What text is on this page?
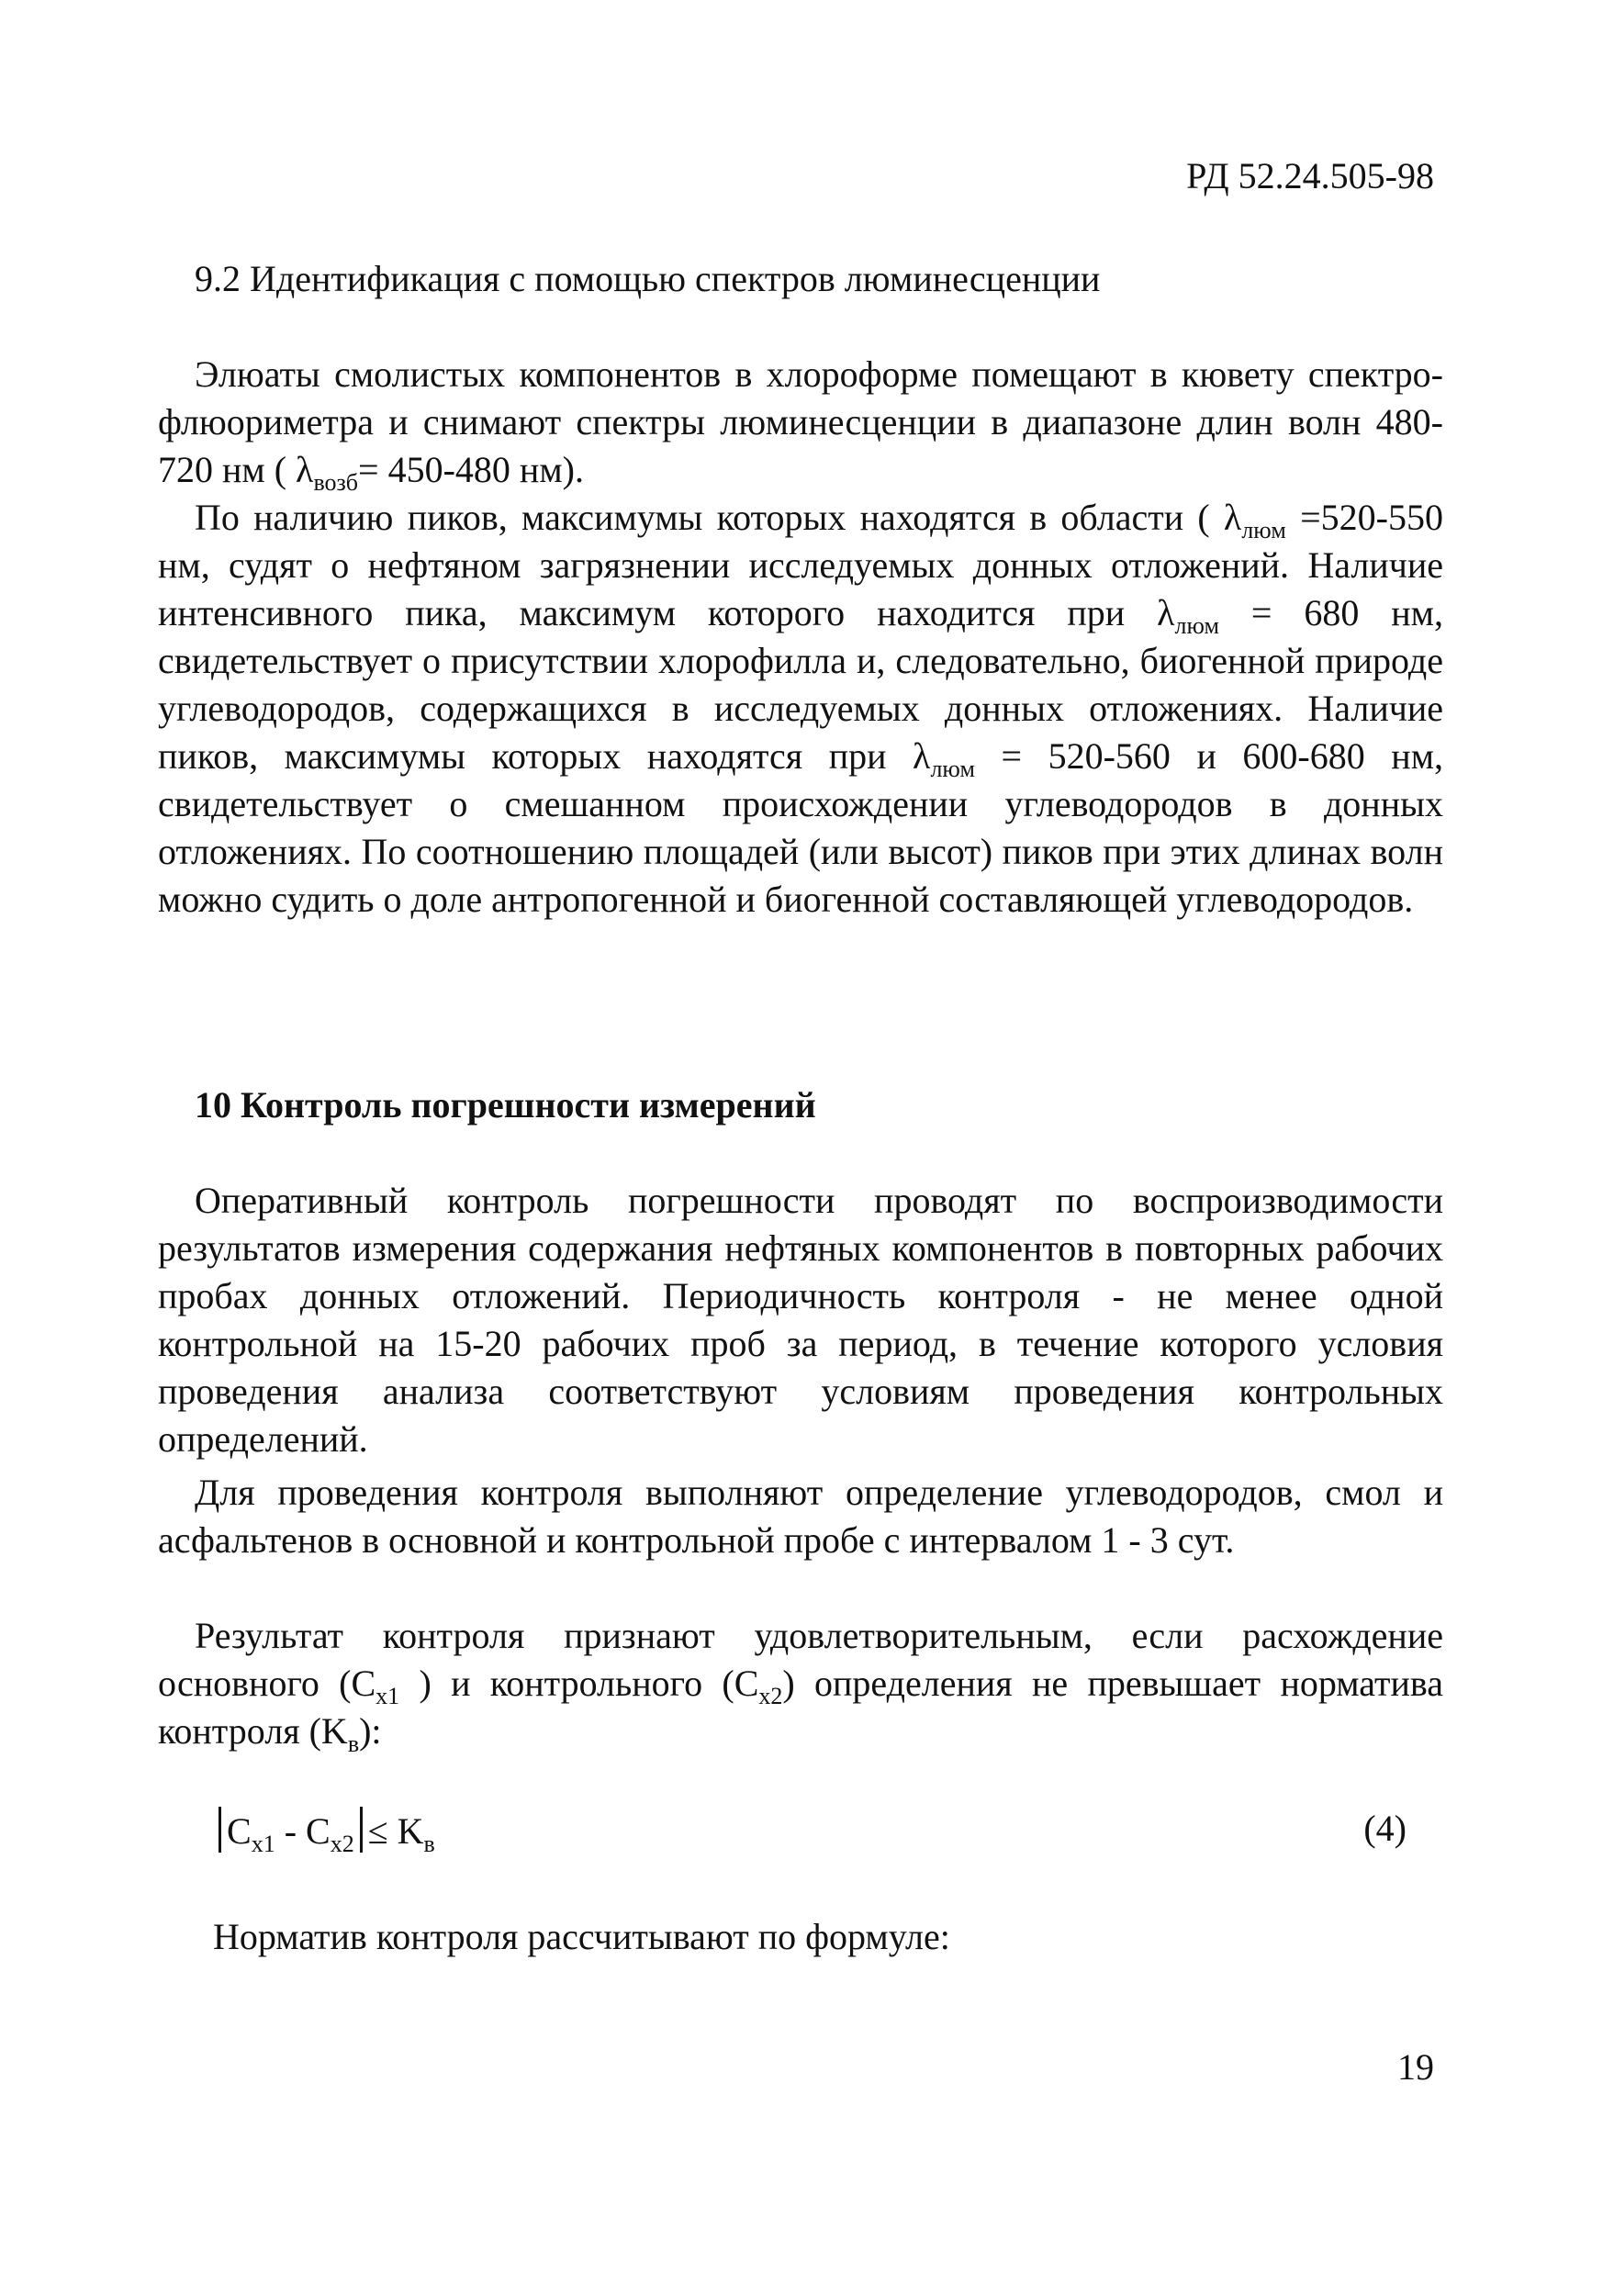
РД 52.24.505-98

9.2 Идентификация с помощью спектров люминесценции

Элюаты смолистых компонентов в хлороформе помещают в кювету спектро-флюориметра и снимают спектры люминесценции в диапазоне длин волн 480-720 нм ( $\lambda_{возб}= 450-480$ нм).

По наличию пиков, максимумы которых находятся в области ( $\lambda_{люм} =520-550$ нм, судят о нефтяном загрязнении исследуемых донных отложений. Наличие интенсивного пика, максимум которого находится при $\lambda_{люм} = 680$ нм, свидетельствует о присутствии хлорофилла и, следовательно, биогенной природе углеводородов, содержащихся в исследуемых донных отложениях. Наличие пиков, максимумы которых находятся при $\lambda_{люм} = 520-560$ и 600-680 нм, свидетельствует о смешанном происхождении углеводородов в донных отложениях. По соотношению площадей (или высот) пиков при этих длинах волн можно судить о доле антропогенной и биогенной составляющей углеводородов.

10 Контроль погрешности измерений

Оперативный контроль погрешности проводят по воспроизводимости результатов измерения содержания нефтяных компонентов в повторных рабочих пробах донных отложений. Периодичность контроля - не менее одной контрольной на 15-20 рабочих проб за период, в течение которого условия проведения анализа соответствуют условиям проведения контрольных определений.

Для проведения контроля выполняют определение углеводородов, смол и асфальтенов в основной и контрольной пробе с интервалом 1 - 3 сут.

Результат контроля признают удовлетворительным, если расхождение основного ($C_{x1}$ ) и контрольного $(C_{x2})$ определения не превышает норматива контроля $(K_в)$:

$C_{x1} - C_{x2} \le K_в$	(4)
Норматив контроля рассчитывают по формуле:
19
